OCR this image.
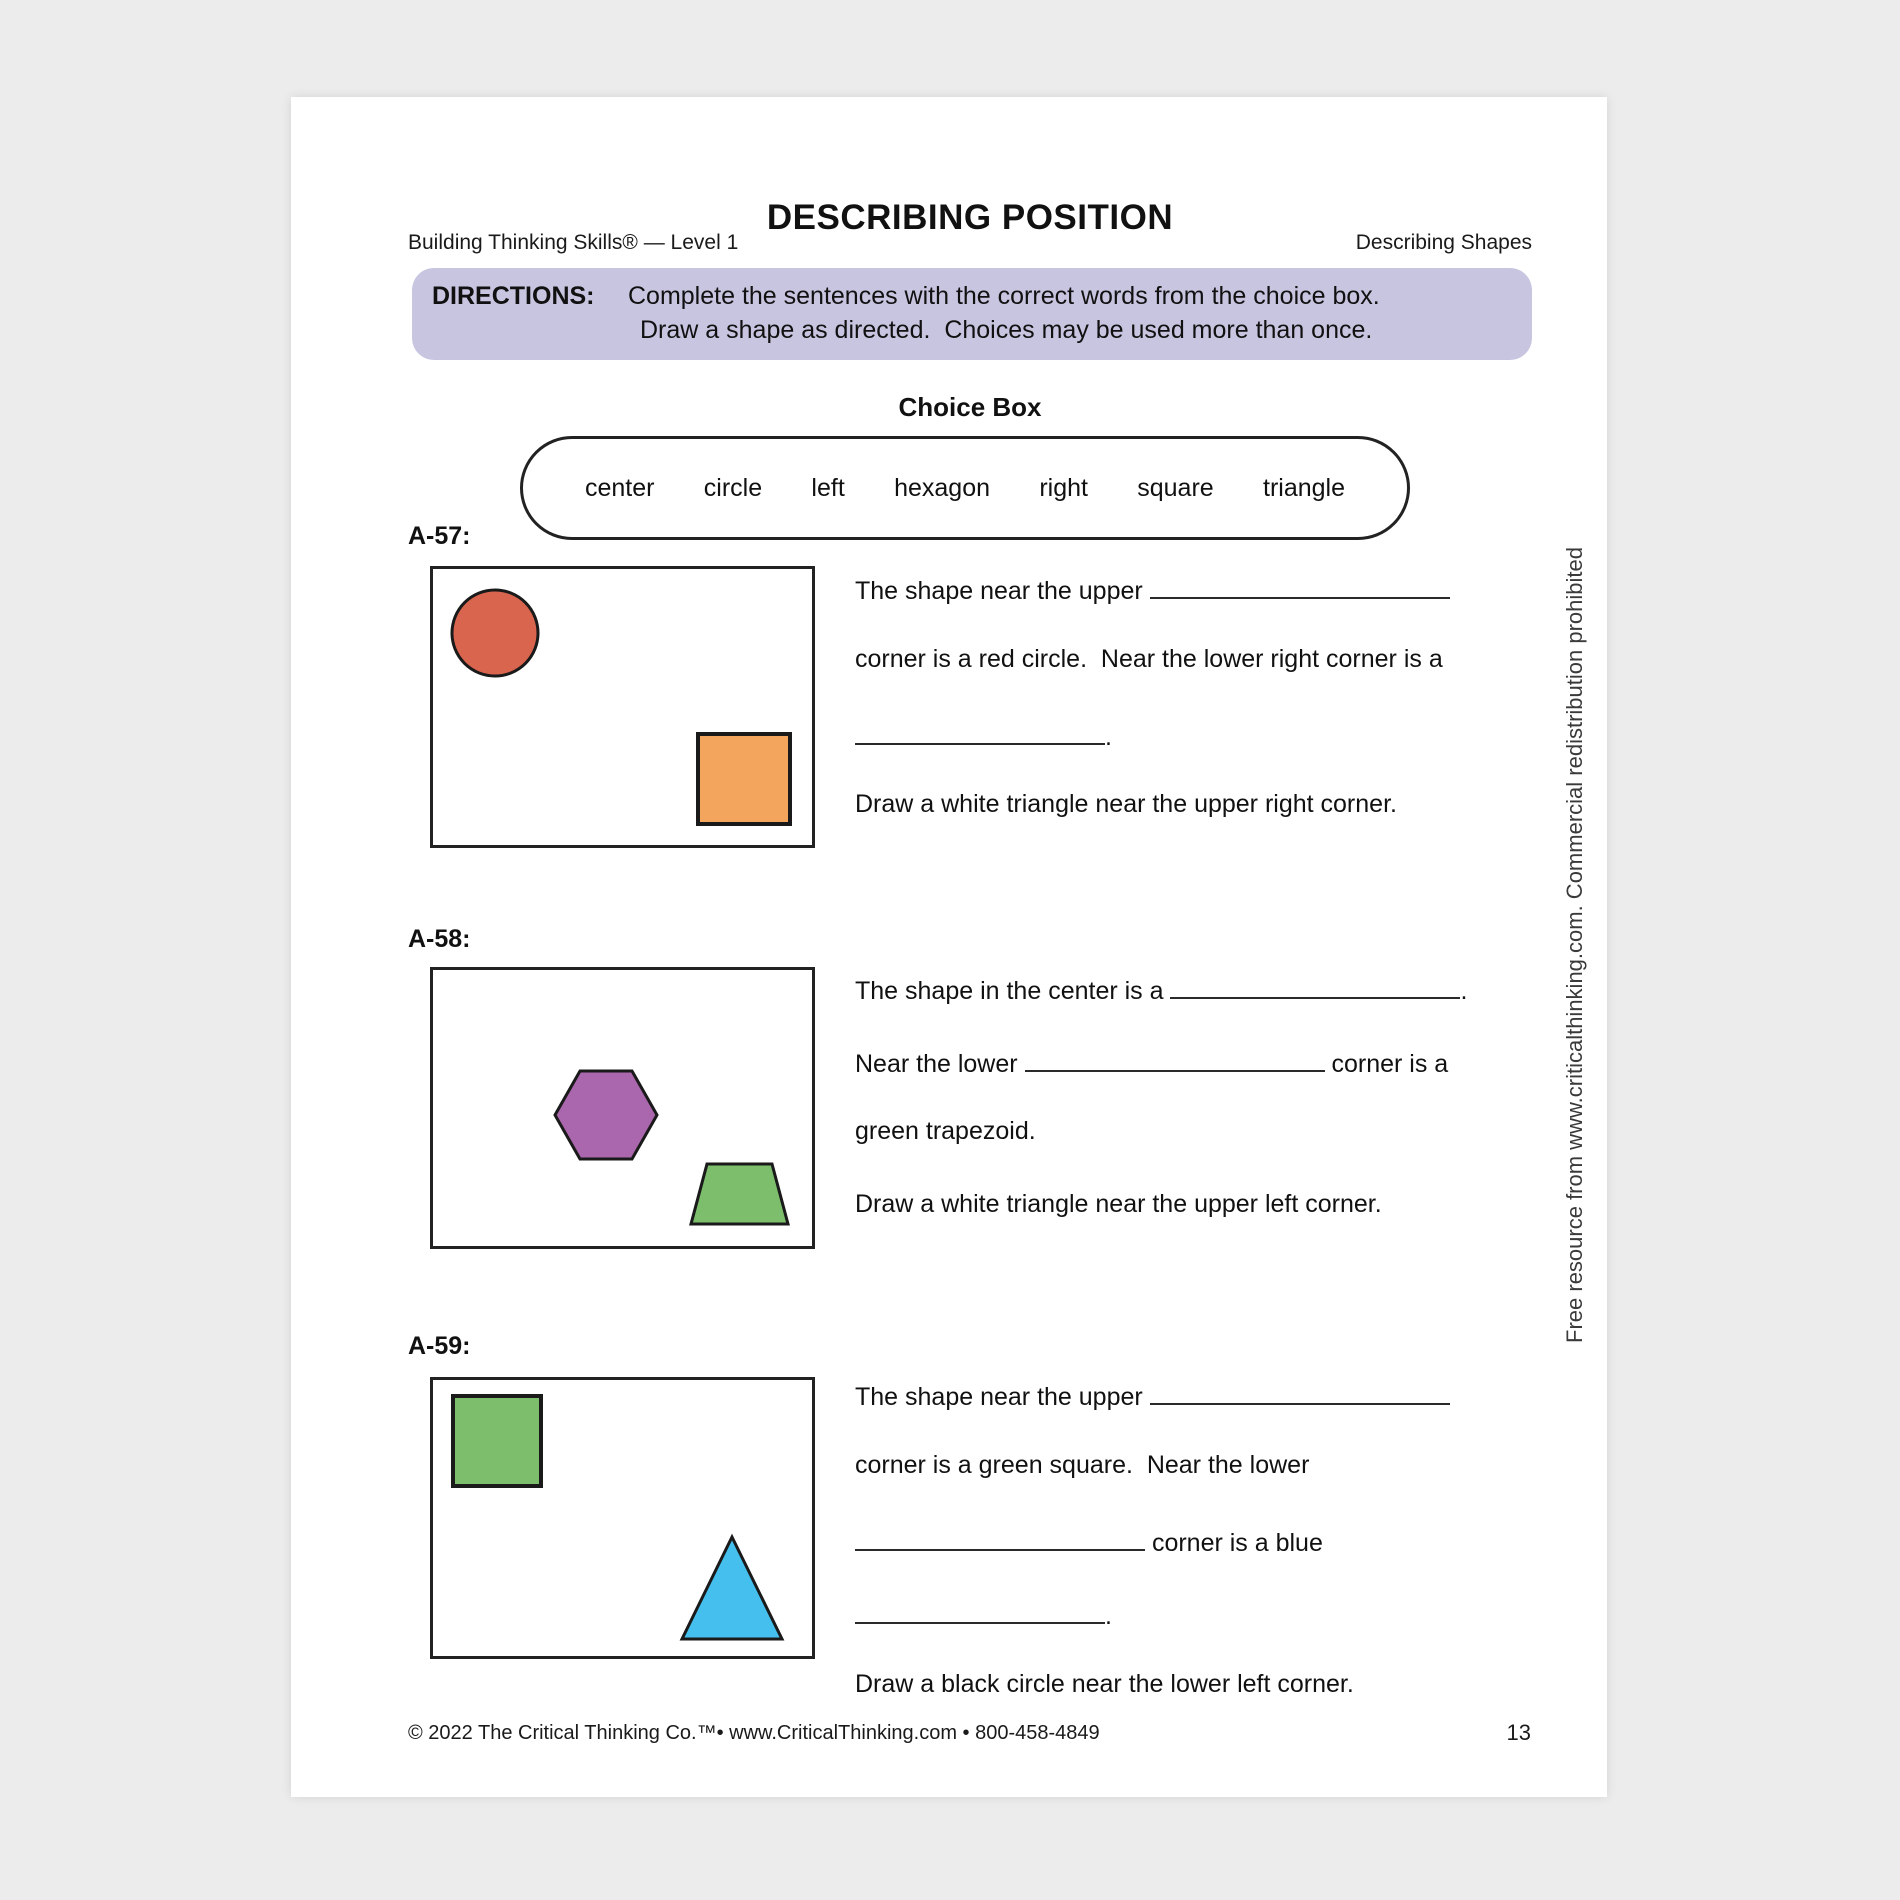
Building Thinking Skills® — Level 1	Describing Shapes
DESCRIBING POSITION
DIRECTIONS: Complete the sentences with the correct words from the choice box.
Draw a shape as directed.  Choices may be used more than once.
Choice Box
center circle left hexagon right square triangle
A-57:
The shape near the upper
corner is a red circle.  Near the lower right corner is a
.
Draw a white triangle near the upper right corner.
A-58:
The shape in the center is a	.
Near the lower	corner is a
green trapezoid.
Draw a white triangle near the upper left corner.
A-59:
The shape near the upper
corner is a green square.  Near the lower
corner is a blue
.
Draw a black circle near the lower left corner.
© 2022 The Critical Thinking Co.™• www.CriticalThinking.com • 800-458-4849	13
Free resource from www.criticalthinking.com. Commercial redistribution prohibited
